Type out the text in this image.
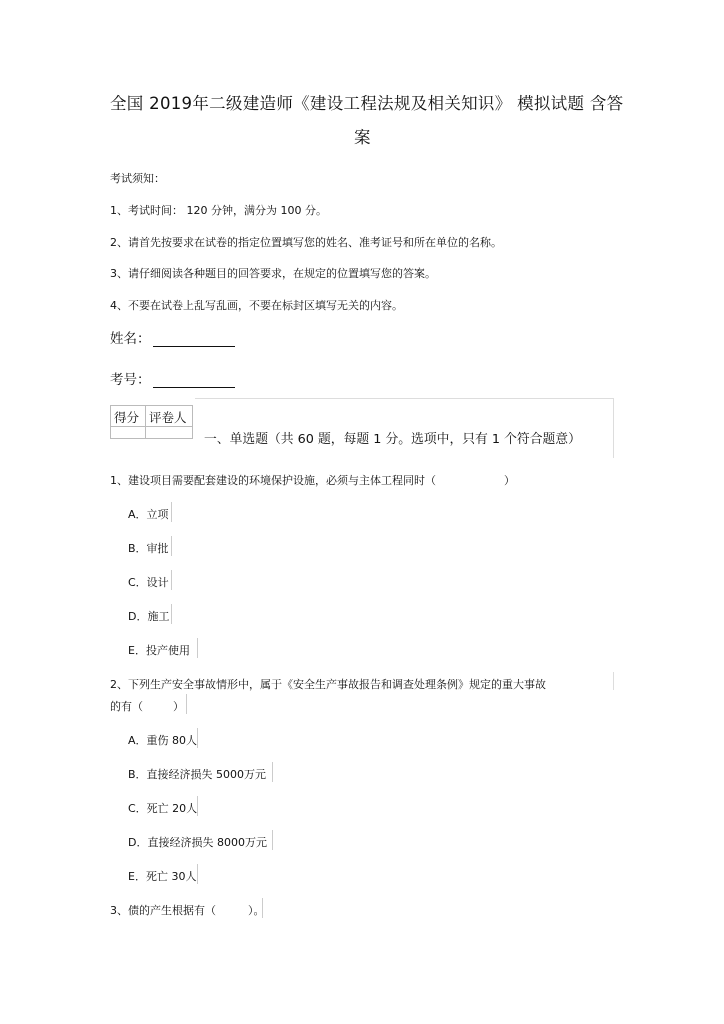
全国 2019年二级建造师《建设工程法规及相关知识》 模拟试题 含答
案
考试须知：
1、考试时间： 120 分钟，满分为 100 分。
2、请首先按要求在试卷的指定位置填写您的姓名、准考证号和所在单位的名称。
3、请仔细阅读各种题目的回答要求，在规定的位置填写您的答案。
4、不要在试卷上乱写乱画，不要在标封区填写无关的内容。
姓名：
考号：
得分 评卷人
一、单选题（共 60 题，每题 1 分。选项中，只有 1 个符合题意）
1、建设项目需要配套建设的环境保护设施，必须与主体工程同时（	）
A．立项
B．审批
C．设计
D．施工
E．投产使用
2、下列生产安全事故情形中，属于《安全生产事故报告和调查处理条例》规定的重大事故
的有（	）
A．重伤 80人
B．直接经济损失 5000万元
C．死亡 20人
D．直接经济损失 8000万元
E．死亡 30人
3、债的产生根据有（	）。
